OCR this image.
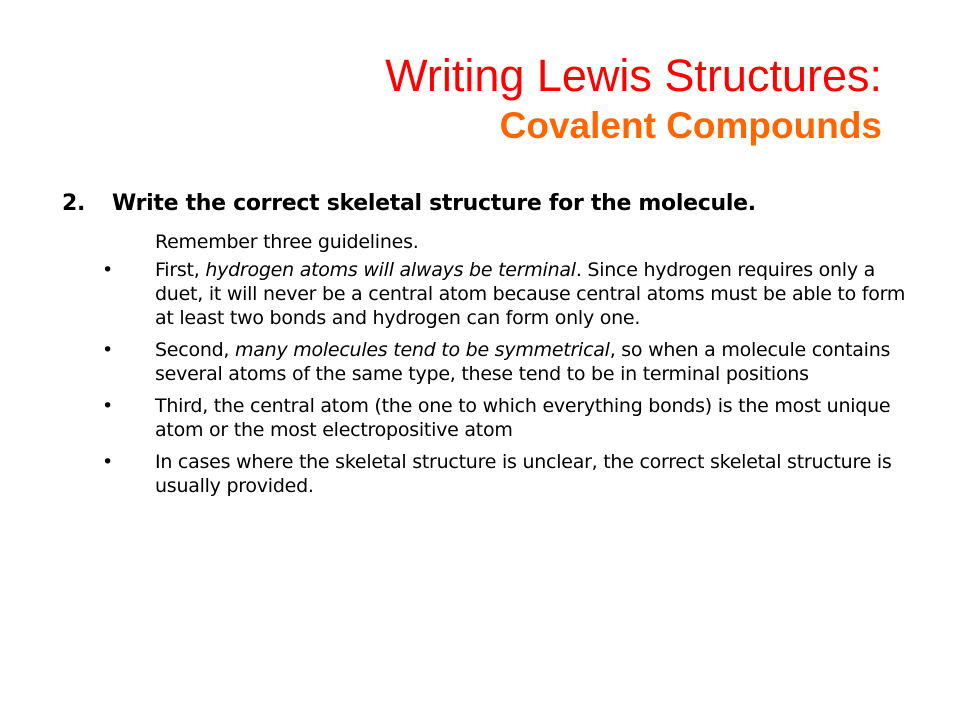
Writing Lewis Structures:
Covalent Compounds
2. Write the correct skeletal structure for the molecule.
Remember three guidelines.
• First, hydrogen atoms will always be terminal. Since hydrogen requires only a duet, it will never be a central atom because central atoms must be able to form at least two bonds and hydrogen can form only one.
• Second, many molecules tend to be symmetrical, so when a molecule contains several atoms of the same type, these tend to be in terminal positions
• Third, the central atom (the one to which everything bonds) is the most unique atom or the most electropositive atom
• In cases where the skeletal structure is unclear, the correct skeletal structure is usually provided.
